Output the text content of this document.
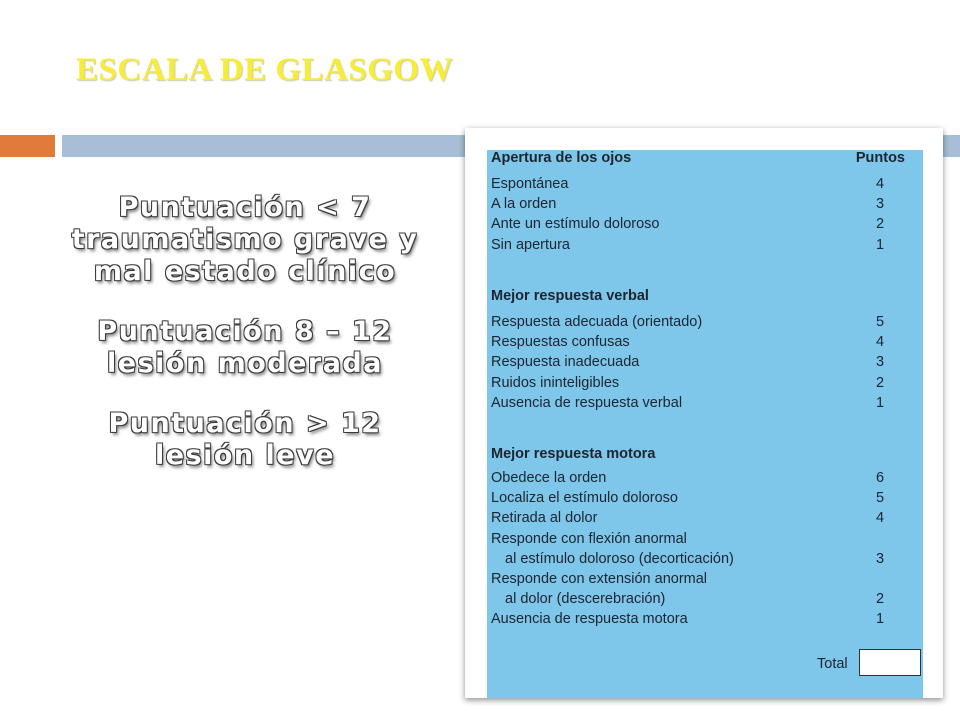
ESCALA DE GLASGOW
Puntuación < 7
traumatismo grave y
mal estado clínico
Puntuación 8 – 12
lesión moderada
Puntuación > 12
lesión leve
Total
Apertura de los ojos	Puntos
Espontánea	4
A la orden	3
Ante un estímulo doloroso	2
Sin apertura	1
Mejor respuesta verbal
Respuesta adecuada (orientado)	5
Respuestas confusas	4
Respuesta inadecuada	3
Ruidos ininteligibles	2
Ausencia de respuesta verbal	1
Mejor respuesta motora
Obedece la orden	6
Localiza el estímulo doloroso	5
Retirada al dolor	4
Responde con flexión anormal
al estímulo doloroso (decorticación)	3
Responde con extensión anormal
al dolor (descerebración)	2
Ausencia de respuesta motora	1
